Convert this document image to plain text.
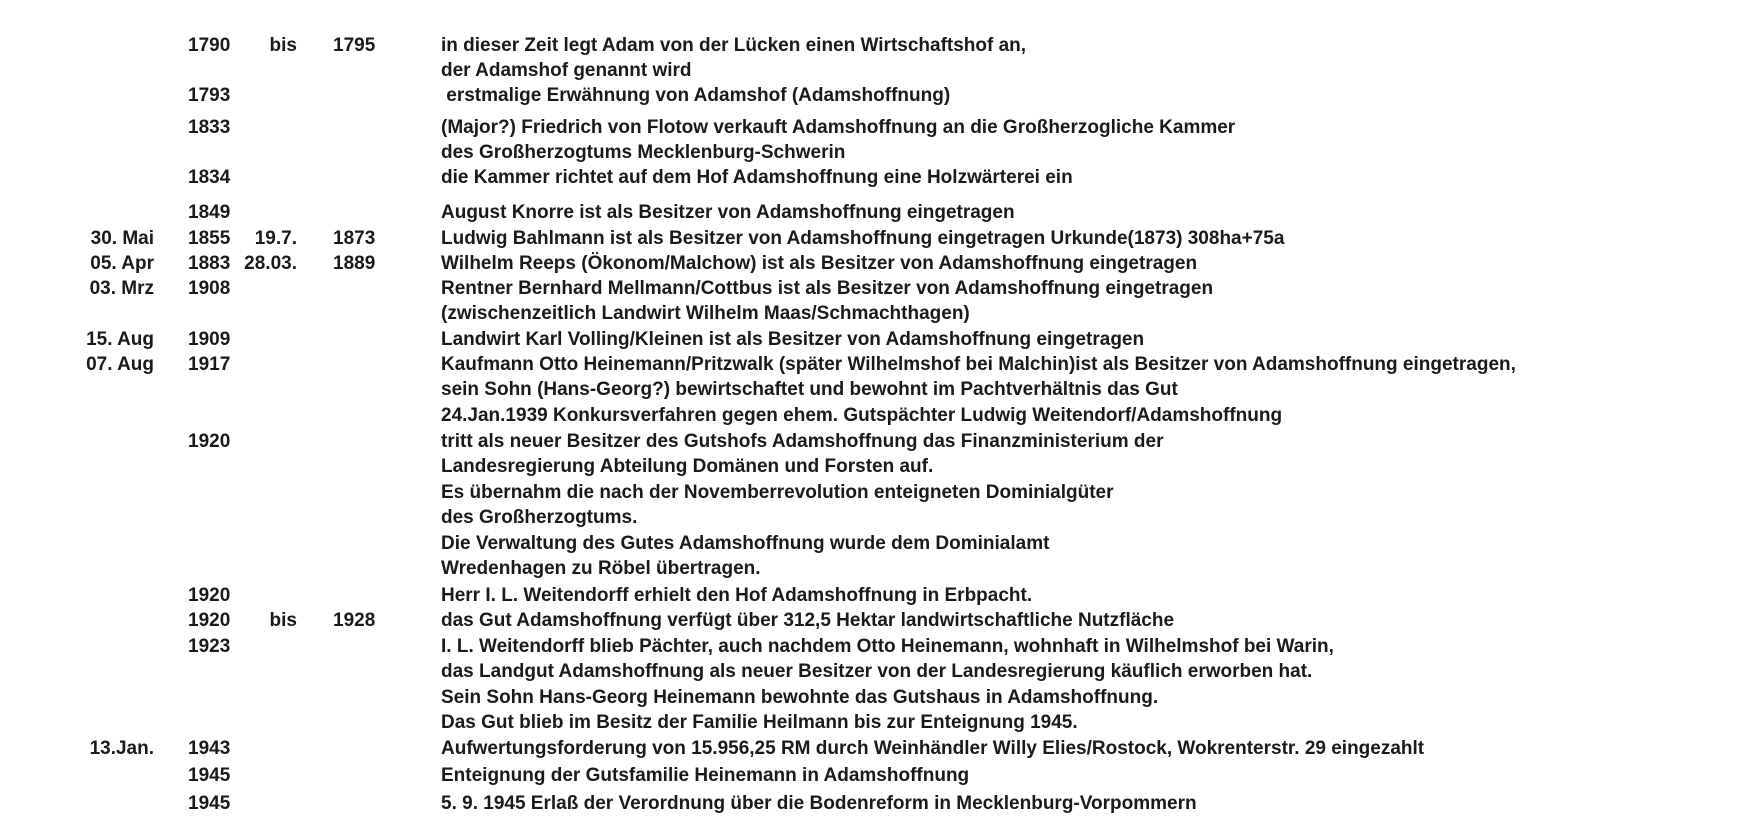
1790 bis 1795	in dieser Zeit legt Adam von der Lücken einen Wirtschaftshof an,
der Adamshof genannt wird
1793	erstmalige Erwähnung von Adamshof (Adamshoffnung)
1833	(Major?) Friedrich von Flotow verkauft Adamshoffnung an die Großherzogliche Kammer
des Großherzogtums Mecklenburg-Schwerin
1834	die Kammer richtet auf dem Hof Adamshoffnung eine Holzwärterei ein
1849	August Knorre ist als Besitzer von Adamshoffnung eingetragen
30. Mai 1855 19.7. 1873	Ludwig Bahlmann ist als Besitzer von Adamshoffnung eingetragen Urkunde(1873) 308ha+75a
05. Apr 1883 28.03. 1889	Wilhelm Reeps (Ökonom/Malchow) ist als Besitzer von Adamshoffnung eingetragen
03. Mrz 1908	Rentner Bernhard Mellmann/Cottbus ist als Besitzer von Adamshoffnung eingetragen
(zwischenzeitlich Landwirt Wilhelm Maas/Schmachthagen)
15. Aug 1909	Landwirt Karl Volling/Kleinen ist als Besitzer von Adamshoffnung eingetragen
07. Aug 1917	Kaufmann Otto Heinemann/Pritzwalk (später Wilhelmshof bei Malchin)ist als Besitzer von Adamshoffnung eingetragen,
sein Sohn (Hans-Georg?) bewirtschaftet und bewohnt im Pachtverhältnis das Gut
24.Jan.1939 Konkursverfahren gegen ehem. Gutspächter Ludwig Weitendorf/Adamshoffnung
1920	tritt als neuer Besitzer des Gutshofs Adamshoffnung das Finanzministerium der
Landesregierung Abteilung Domänen und Forsten auf.
Es übernahm die nach der Novemberrevolution enteigneten Dominialgüter
des Großherzogtums.
Die Verwaltung des Gutes Adamshoffnung wurde dem Dominialamt
Wredenhagen zu Röbel übertragen.
1920	Herr I. L. Weitendorff erhielt den Hof Adamshoffnung in Erbpacht.
1920 bis 1928	das Gut Adamshoffnung verfügt über 312,5 Hektar landwirtschaftliche Nutzfläche
1923	I. L. Weitendorff blieb Pächter, auch nachdem Otto Heinemann, wohnhaft in Wilhelmshof bei Warin,
das Landgut Adamshoffnung als neuer Besitzer von der Landesregierung käuflich erworben hat.
Sein Sohn Hans-Georg Heinemann bewohnte das Gutshaus in Adamshoffnung.
Das Gut blieb im Besitz der Familie Heilmann bis zur Enteignung 1945.
13.Jan. 1943	Aufwertungsforderung von 15.956,25 RM durch Weinhändler Willy Elies/Rostock, Wokrenterstr. 29 eingezahlt
1945	Enteignung der Gutsfamilie Heinemann in Adamshoffnung
1945	5. 9. 1945 Erlaß der Verordnung über die Bodenreform in Mecklenburg-Vorpommern
